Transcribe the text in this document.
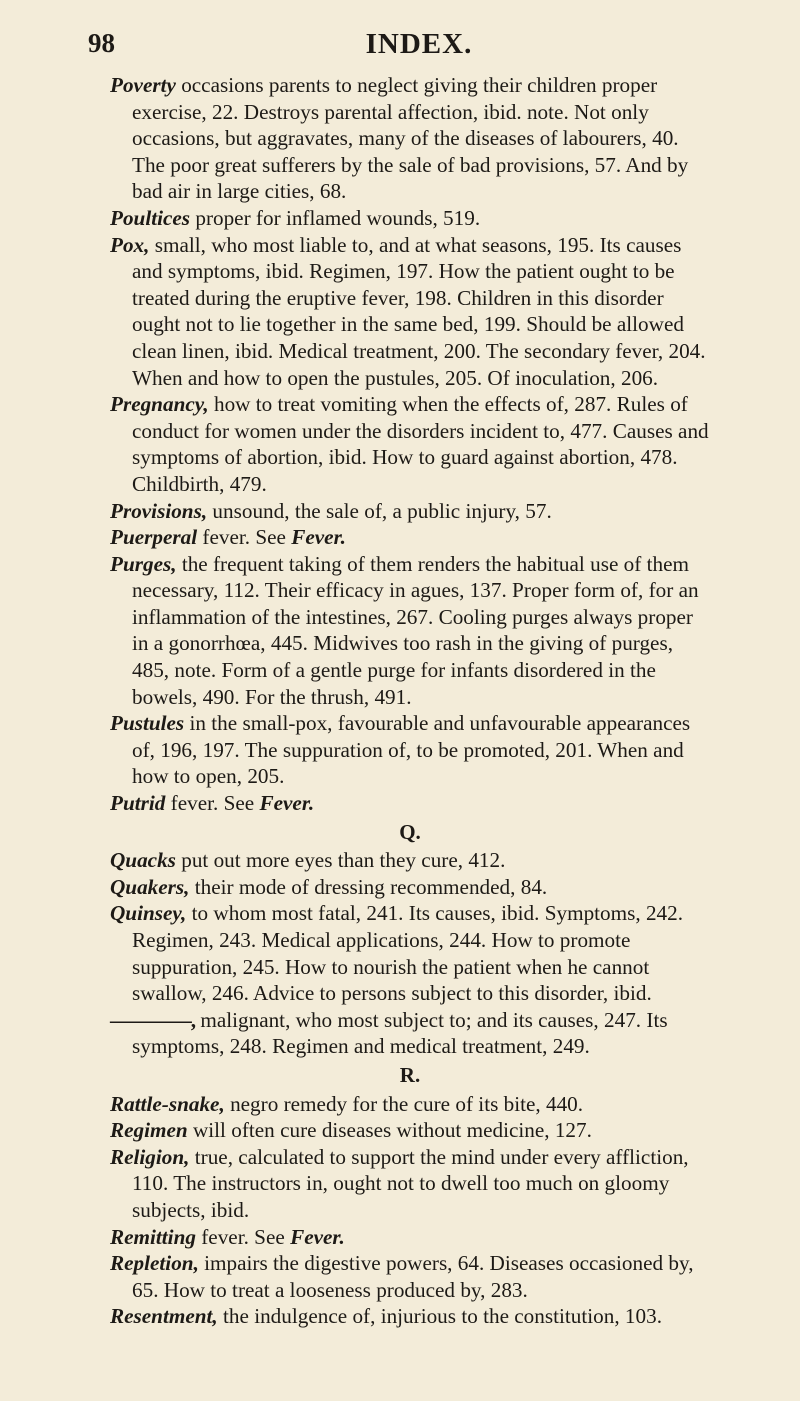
98	INDEX.

Poverty occasions parents to neglect giving their children proper exercise, 22. Destroys parental affection, ibid. note. Not only occasions, but aggravates, many of the diseases of labourers, 40. The poor great sufferers by the sale of bad provisions, 57. And by bad air in large cities, 68.

Poultices proper for inflamed wounds, 519.

Pox, small, who most liable to, and at what seasons, 195. Its causes and symptoms, ibid. Regimen, 197. How the patient ought to be treated during the eruptive fever, 198. Children in this disorder ought not to lie together in the same bed, 199. Should be allowed clean linen, ibid. Medical treatment, 200. The secondary fever, 204. When and how to open the pustules, 205. Of inoculation, 206.

Pregnancy, how to treat vomiting when the effects of, 287. Rules of conduct for women under the disorders incident to, 477. Causes and symptoms of abortion, ibid. How to guard against abortion, 478. Childbirth, 479.

Provisions, unsound, the sale of, a public injury, 57.

Puerperal fever. See Fever.

Purges, the frequent taking of them renders the habitual use of them necessary, 112. Their efficacy in agues, 137. Proper form of, for an inflammation of the intestines, 267. Cooling purges always proper in a gonorrhœa, 445. Midwives too rash in the giving of purges, 485, note. Form of a gentle purge for infants disordered in the bowels, 490. For the thrush, 491.

Pustules in the small-pox, favourable and unfavourable appearances of, 196, 197. The suppuration of, to be promoted, 201. When and how to open, 205.

Putrid fever. See Fever.

Q.

Quacks put out more eyes than they cure, 412.

Quakers, their mode of dressing recommended, 84.

Quinsey, to whom most fatal, 241. Its causes, ibid. Symptoms, 242. Regimen, 243. Medical applications, 244. How to promote suppuration, 245. How to nourish the patient when he cannot swallow, 246. Advice to persons subject to this disorder, ibid.

————, malignant, who most subject to; and its causes, 247. Its symptoms, 248. Regimen and medical treatment, 249.

R.

Rattle-snake, negro remedy for the cure of its bite, 440.

Regimen will often cure diseases without medicine, 127.

Religion, true, calculated to support the mind under every affliction, 110. The instructors in, ought not to dwell too much on gloomy subjects, ibid.

Remitting fever. See Fever.

Repletion, impairs the digestive powers, 64. Diseases occasioned by, 65. How to treat a looseness produced by, 283.

Resentment, the indulgence of, injurious to the constitution, 103.
